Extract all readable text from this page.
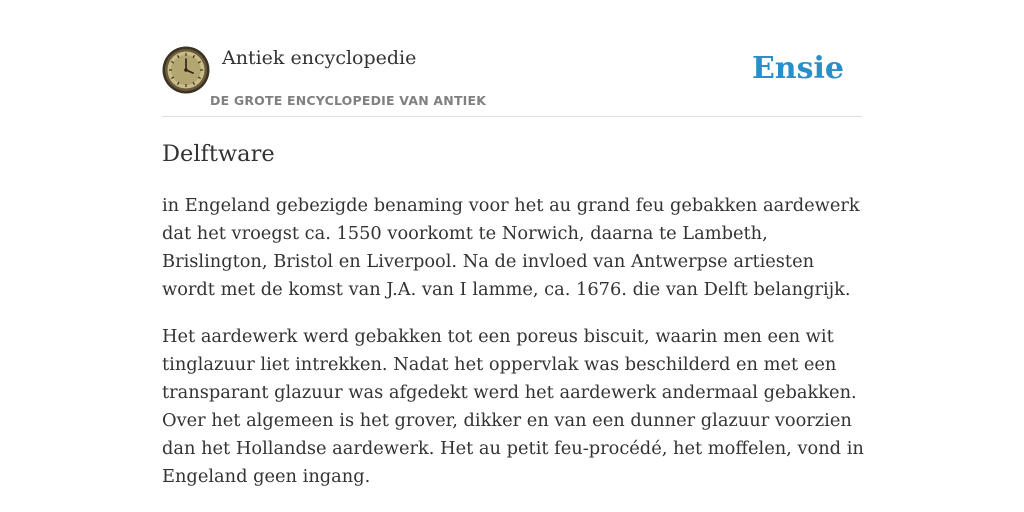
Antiek encyclopedie
DE GROTE ENCYCLOPEDIE VAN ANTIEK
Ensie
Delftware

in Engeland gebezigde benaming voor het au grand feu gebakken aardewerk dat het vroegst ca. 1550 voorkomt te Norwich, daarna te Lambeth, Brislington, Bristol en Liverpool. Na de invloed van Antwerpse artiesten wordt met de komst van J.A. van I lamme, ca. 1676. die van Delft belangrijk.

Het aardewerk werd gebakken tot een poreus biscuit, waarin men een wit tinglazuur liet intrekken. Nadat het oppervlak was beschilderd en met een transparant glazuur was afgedekt werd het aardewerk andermaal gebakken. Over het algemeen is het grover, dikker en van een dunner glazuur voorzien dan het Hollandse aardewerk. Het au petit feu-procédé, het moffelen, vond in Engeland geen ingang.
